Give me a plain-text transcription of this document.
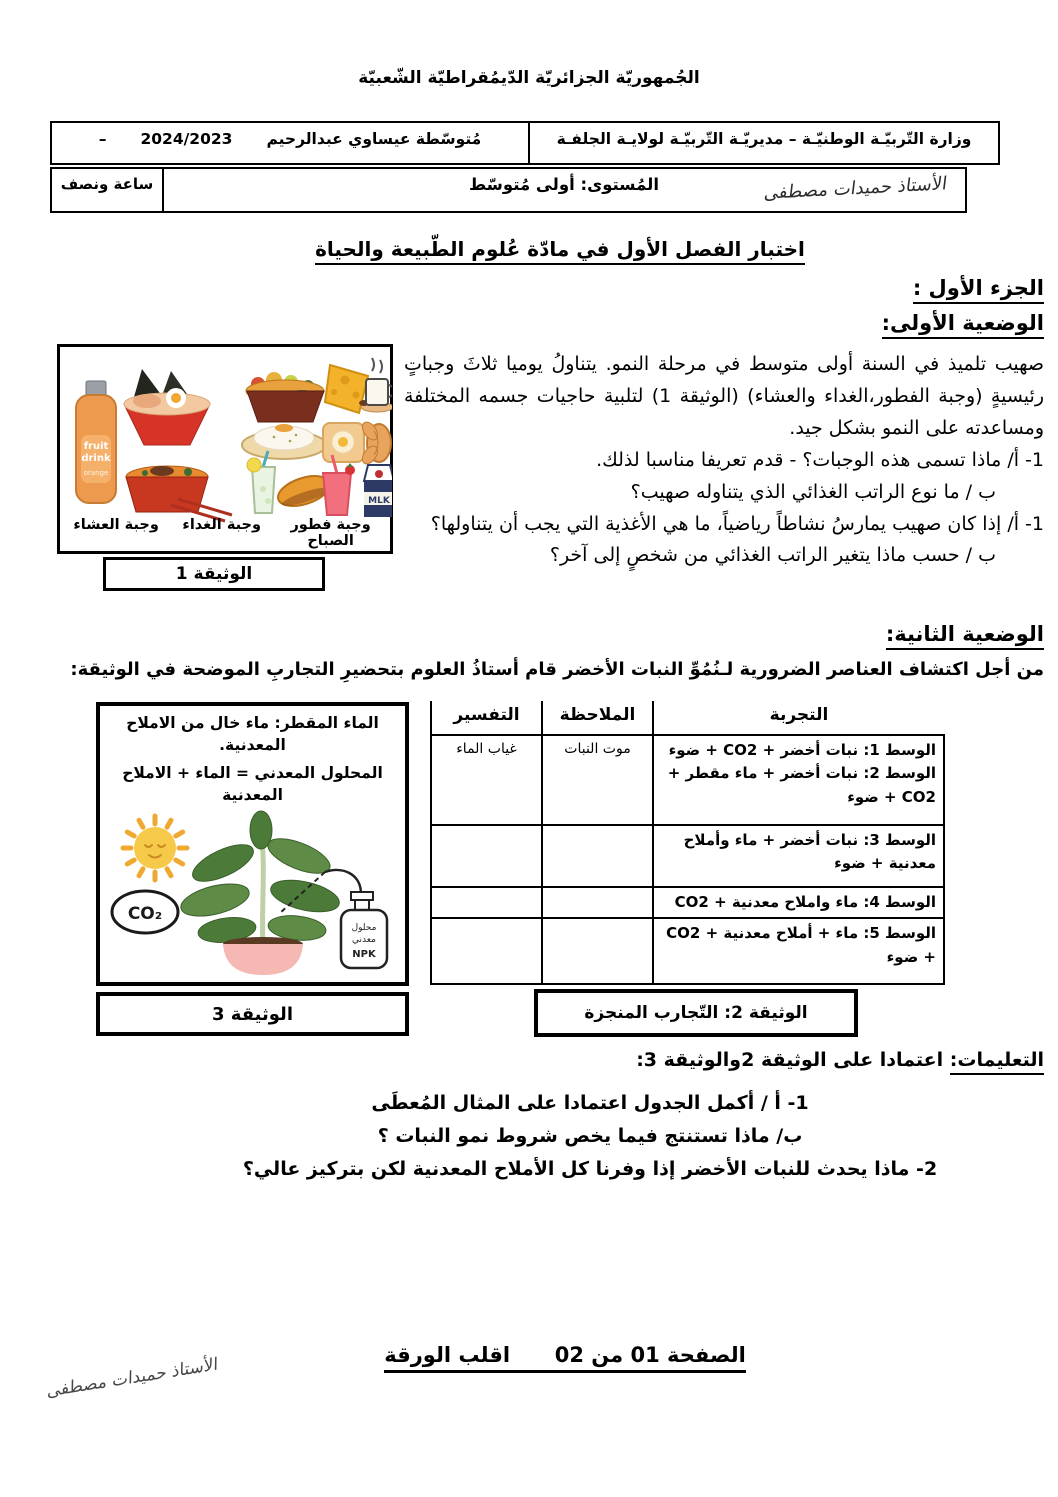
الجُمهوريّة الجزائريّة الدّيمُقراطيّة الشّعبيّة
وزارة التّربيّـة الوطنيّـة – مديريّـة التّربيّـة لولايـة الجلفـة
مُتوسّطة عيساوي عبدالرحيم
2024/2023
–
الأستاذ حميدات مصطفى
المُستوى: أولى مُتوسّط
ساعة ونصف
اختبار الفصل الأول في مادّة عُلوم الطّبيعة والحياة
الجزء الأول :
الوضعية الأولى:
fruit
drink
orange
MLK
وجبة فطور الصباح
وجبة الغداء
وجبة العشاء
الوثيقة 1
صهيب تلميذ في السنة أولى متوسط في مرحلة النمو. يتناولُ يوميا ثلاثَ وجباتٍ رئيسيةٍ (وجبة الفطور،الغداء والعشاء) (الوثيقة 1) لتلبية حاجيات جسمه المختلفة ومساعدته على النمو بشكل جيد.
1- أ/ ماذا تسمى هذه الوجبات؟ - قدم تعريفا مناسبا لذلك.
ب / ما نوع الراتب الغذائي الذي يتناوله صهيب؟
1- أ/ إذا كان صهيب يمارسُ نشاطاً رياضياً، ما هي الأغذية التي يجب أن يتناولها؟
ب / حسب ماذا يتغير الراتب الغذائي من شخصٍ إلى آخر؟
الوضعية الثانية:
من أجل اكتشاف العناصر الضرورية لـنُمُوِّ النبات الأخضر قام أستاذُ العلوم بتحضيرِ التجاربِ الموضحة في الوثيقة:
الماء المقطر: ماء خال من الاملاح المعدنية.
المحلول المعدني = الماء + الاملاح المعدنية
CO₂
محلول
معدني
NPK
الوثيقة 3
التجربة	الملاحظة	التفسير

الوسط 1: نبات أخضر + CO2 + ضوء
الوسط 2: نبات أخضر + ماء مقطر + CO2 + ضوء	موت النبات	غياب الماء

الوسط 3: نبات أخضر + ماء وأملاح معدنية + ضوء		

الوسط 4: ماء واملاح معدنية + CO2		

الوسط 5: ماء + أملاح معدنية + CO2 + ضوء		

الوثيقة 2: التّجارب المنجزة
التعليمات: اعتمادا على الوثيقة 2والوثيقة 3:
1- أ / أكمل الجدول اعتمادا على المثال المُعطَى
ب/ ماذا تستنتج فيما يخص شروط نمو النبات ؟
2- ماذا يحدث للنبات الأخضر إذا وفرنا كل الأملاح المعدنية لكن بتركيز عالي؟
الصفحة 01 من 02  اقلب الورقة
الأستاذ حميدات مصطفى
